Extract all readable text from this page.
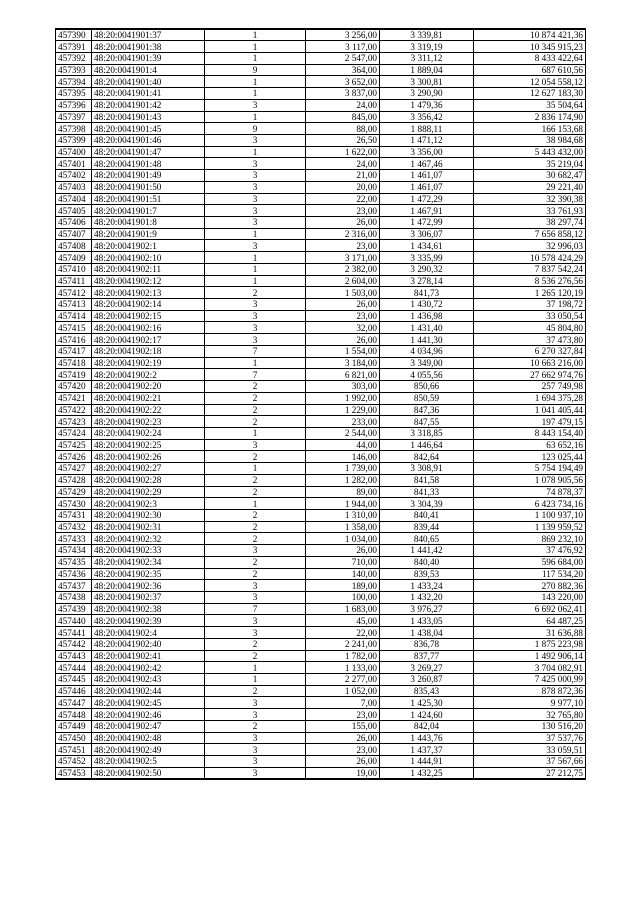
457390	48:20:0041901:37	1	3 256,00	3 339,81	10 874 421,36
457391	48:20:0041901:38	1	3 117,00	3 319,19	10 345 915,23
457392	48:20:0041901:39	1	2 547,00	3 311,12	8 433 422,64
457393	48:20:0041901:4	9	364,00	1 889,04	687 610,56
457394	48:20:0041901:40	1	3 652,00	3 300,81	12 054 558,12
457395	48:20:0041901:41	1	3 837,00	3 290,90	12 627 183,30
457396	48:20:0041901:42	3	24,00	1 479,36	35 504,64
457397	48:20:0041901:43	1	845,00	3 356,42	2 836 174,90
457398	48:20:0041901:45	9	88,00	1 888,11	166 153,68
457399	48:20:0041901:46	3	26,50	1 471,12	38 984,68
457400	48:20:0041901:47	1	1 622,00	3 356,00	5 443 432,00
457401	48:20:0041901:48	3	24,00	1 467,46	35 219,04
457402	48:20:0041901:49	3	21,00	1 461,07	30 682,47
457403	48:20:0041901:50	3	20,00	1 461,07	29 221,40
457404	48:20:0041901:51	3	22,00	1 472,29	32 390,38
457405	48:20:0041901:7	3	23,00	1 467,91	33 761,93
457406	48:20:0041901:8	3	26,00	1 472,99	38 297,74
457407	48:20:0041901:9	1	2 316,00	3 306,07	7 656 858,12
457408	48:20:0041902:1	3	23,00	1 434,61	32 996,03
457409	48:20:0041902:10	1	3 171,00	3 335,99	10 578 424,29
457410	48:20:0041902:11	1	2 382,00	3 290,32	7 837 542,24
457411	48:20:0041902:12	1	2 604,00	3 278,14	8 536 276,56
457412	48:20:0041902:13	2	1 503,00	841,73	1 265 120,19
457413	48:20:0041902:14	3	26,00	1 430,72	37 198,72
457414	48:20:0041902:15	3	23,00	1 436,98	33 050,54
457415	48:20:0041902:16	3	32,00	1 431,40	45 804,80
457416	48:20:0041902:17	3	26,00	1 441,30	37 473,80
457417	48:20:0041902:18	7	1 554,00	4 034,96	6 270 327,84
457418	48:20:0041902:19	1	3 184,00	3 349,00	10 663 216,00
457419	48:20:0041902:2	7	6 821,00	4 055,56	27 662 974,76
457420	48:20:0041902:20	2	303,00	850,66	257 749,98
457421	48:20:0041902:21	2	1 992,00	850,59	1 694 375,28
457422	48:20:0041902:22	2	1 229,00	847,36	1 041 405,44
457423	48:20:0041902:23	2	233,00	847,55	197 479,15
457424	48:20:0041902:24	1	2 544,00	3 318,85	8 443 154,40
457425	48:20:0041902:25	3	44,00	1 446,64	63 652,16
457426	48:20:0041902:26	2	146,00	842,64	123 025,44
457427	48:20:0041902:27	1	1 739,00	3 308,91	5 754 194,49
457428	48:20:0041902:28	2	1 282,00	841,58	1 078 905,56
457429	48:20:0041902:29	2	89,00	841,33	74 878,37
457430	48:20:0041902:3	1	1 944,00	3 304,39	6 423 734,16
457431	48:20:0041902:30	2	1 310,00	840,41	1 100 937,10
457432	48:20:0041902:31	2	1 358,00	839,44	1 139 959,52
457433	48:20:0041902:32	2	1 034,00	840,65	869 232,10
457434	48:20:0041902:33	3	26,00	1 441,42	37 476,92
457435	48:20:0041902:34	2	710,00	840,40	596 684,00
457436	48:20:0041902:35	2	140,00	839,53	117 534,20
457437	48:20:0041902:36	3	189,00	1 433,24	270 882,36
457438	48:20:0041902:37	3	100,00	1 432,20	143 220,00
457439	48:20:0041902:38	7	1 683,00	3 976,27	6 692 062,41
457440	48:20:0041902:39	3	45,00	1 433,05	64 487,25
457441	48:20:0041902:4	3	22,00	1 438,04	31 636,88
457442	48:20:0041902:40	2	2 241,00	836,78	1 875 223,98
457443	48:20:0041902:41	2	1 782,00	837,77	1 492 906,14
457444	48:20:0041902:42	1	1 133,00	3 269,27	3 704 082,91
457445	48:20:0041902:43	1	2 277,00	3 260,87	7 425 000,99
457446	48:20:0041902:44	2	1 052,00	835,43	878 872,36
457447	48:20:0041902:45	3	7,00	1 425,30	9 977,10
457448	48:20:0041902:46	3	23,00	1 424,60	32 765,80
457449	48:20:0041902:47	2	155,00	842,04	130 516,20
457450	48:20:0041902:48	3	26,00	1 443,76	37 537,76
457451	48:20:0041902:49	3	23,00	1 437,37	33 059,51
457452	48:20:0041902:5	3	26,00	1 444,91	37 567,66
457453	48:20:0041902:50	3	19,00	1 432,25	27 212,75
